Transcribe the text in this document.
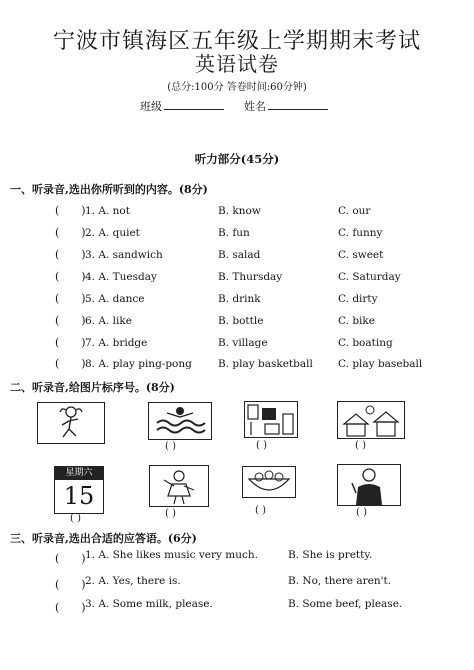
宁波市镇海区五年级上学期期末考试
英语试卷
(总分:100分 答卷时间:60分钟)
班级	姓名
听力部分(45分)
一、听录音,选出你所听到的内容。(8分)
( ) 1. A. not	B. know	C. our
( ) 2. A. quiet	B. fun	C. funny
( ) 3. A. sandwich	B. salad	C. sweet
( ) 4. A. Tuesday	B. Thursday	C. Saturday
( ) 5. A. dance	B. drink	C. dirty
( ) 6. A. like	B. bottle	C. bike
( ) 7. A. bridge	B. village	C. boating
( ) 8. A. play ping-pong B. play basketball C. play baseball
二、听录音,给图片标序号。(8分)
( )	( )	( )
星期六
15
( )	( )	( )	( )
三、听录音,选出合适的应答语。(6分)
( ) 1. A. She likes music very much.	B. She is pretty.
( ) 2. A. Yes, there is.	B. No, there aren't.
( ) 3. A. Some milk, please.	B. Some beef, please.
